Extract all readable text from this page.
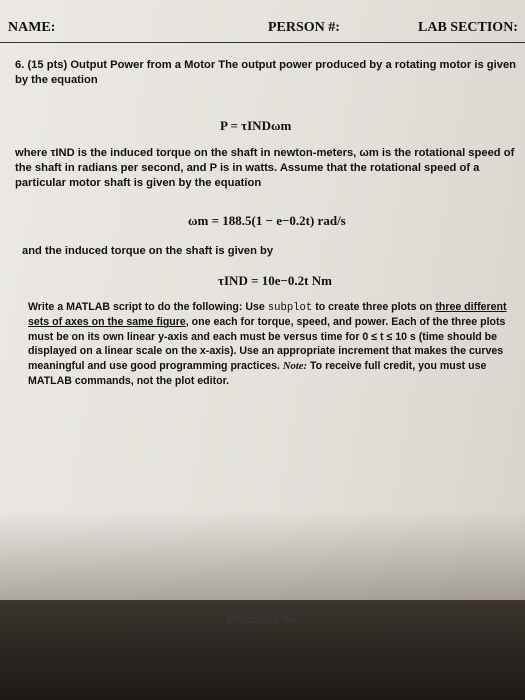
NAME:	PERSON #:	LAB SECTION:
6. (15 pts) Output Power from a Motor The output power produced by a rotating motor is given by the equation
P = τINDωm
where τIND is the induced torque on the shaft in newton-meters, ωm is the rotational speed of the shaft in radians per second, and P is in watts. Assume that the rotational speed of a particular motor shaft is given by the equation
ωm = 188.5(1 − e−0.2t) rad/s
and the induced torque on the shaft is given by
τIND = 10e−0.2t Nm
Write a MATLAB script to do the following: Use subplot to create three plots on three different sets of axes on the same figure, one each for torque, speed, and power. Each of the three plots must be on its own linear y-axis and each must be versus time for 0 ≤ t ≤ 10 s (time should be displayed on a linear scale on the x-axis). Use an appropriate increment that makes the curves meaningful and use good programming practices. Note: To receive full credit, you must use MATLAB commands, not the plot editor.
MacBook Air
